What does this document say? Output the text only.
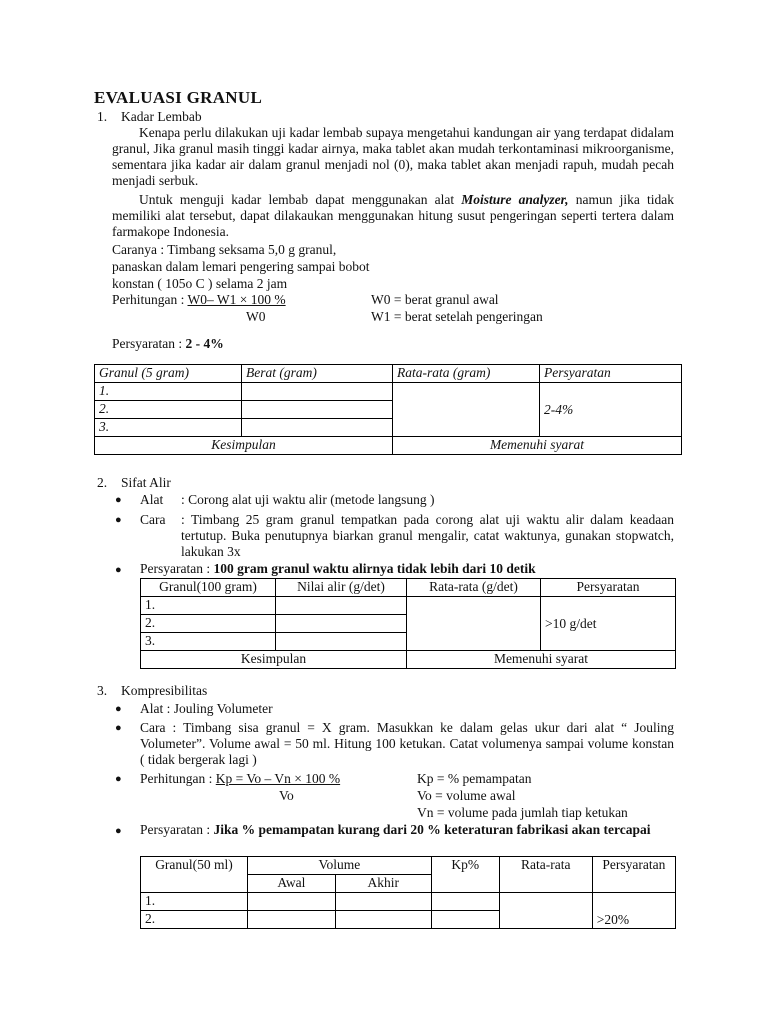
EVALUASI GRANUL
1. Kadar Lembab
Kenapa perlu dilakukan uji kadar lembab supaya mengetahui kandungan air yang terdapat didalam granul, Jika granul masih tinggi kadar airnya, maka tablet akan mudah terkontaminasi mikroorganisme, sementara jika kadar air dalam granul menjadi nol (0), maka tablet akan menjadi rapuh, mudah pecah menjadi serbuk.
Untuk menguji kadar lembab dapat menggunakan alat Moisture analyzer, namun jika tidak memiliki alat tersebut, dapat dilakaukan menggunakan hitung susut pengeringan seperti tertera dalam farmakope Indonesia.
Caranya : Timbang seksama 5,0 g granul,
panaskan dalam lemari pengering sampai bobot
konstan ( 105o C ) selama 2 jam
Perhitungan : W0– W1 × 100 %
W0
W0 = berat granul awal
W1 = berat setelah pengeringan
Persyaratan : 2 - 4%
Granul (5 gram)	Berat (gram)	Rata-rata (gram)	Persyaratan
1.			2-4%
2.			
3.			
Kesimpulan		Memenuhi syarat	
2. Sifat Alir
● Alat : Corong alat uji waktu alir (metode langsung )
● Cara : Timbang 25 gram granul tempatkan pada corong alat uji waktu alir dalam keadaan tertutup. Buka penutupnya biarkan granul mengalir, catat waktunya, gunakan stopwatch, lakukan 3x
● Persyaratan : 100 gram granul waktu alirnya tidak lebih dari 10 detik
Granul(100 gram)	Nilai alir (g/det)	Rata-rata (g/det)	Persyaratan
1.			>10 g/det
2.			
3.			
Kesimpulan		Memenuhi syarat	
3. Kompresibilitas
● Alat : Jouling Volumeter
● Cara : Timbang sisa granul = X gram. Masukkan ke dalam gelas ukur dari alat “ Jouling Volumeter”. Volume awal = 50 ml. Hitung 100 ketukan. Catat volumenya sampai volume konstan ( tidak bergerak lagi )
● Perhitungan : Kp = Vo – Vn × 100 %
Vo
Kp = % pemampatan
Vo = volume awal
Vn = volume pada jumlah tiap ketukan
● Persyaratan : Jika % pemampatan kurang dari 20 % keteraturan fabrikasi akan tercapai
Granul(50 ml)	Volume		Kp%	Rata-rata	Persyaratan
	Awal	Akhir			
1.					>20%
2.					
